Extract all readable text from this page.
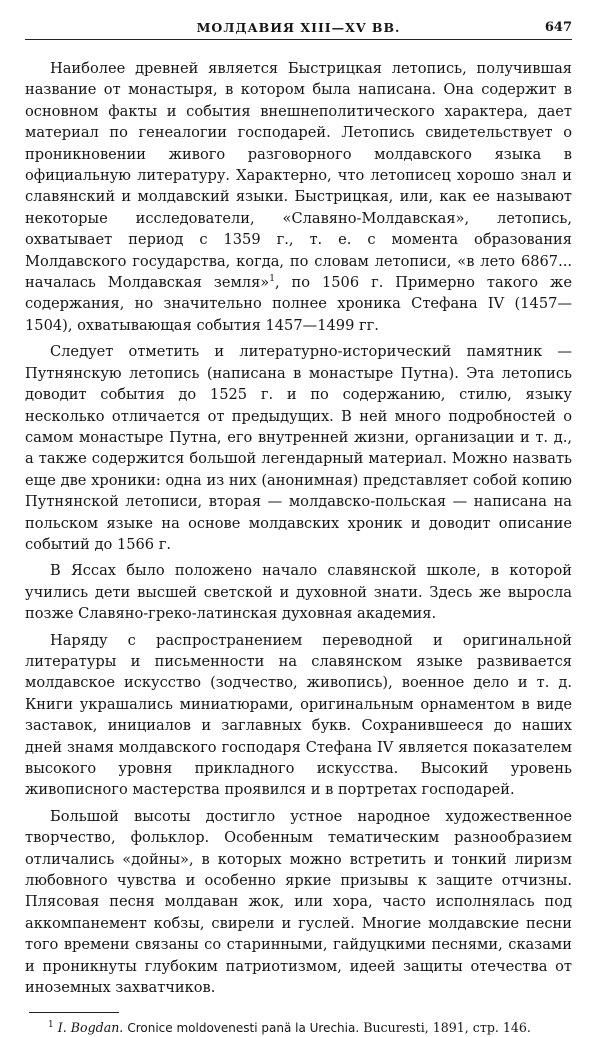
МОЛДАВИЯ XIII—XV ВВ.	647

Наиболее древней является Быстрицкая летопись, получившая название от монастыря, в котором была написана. Она содержит в основном факты и события внешнеполитического характера, дает материал по генеалогии господарей. Летопись свидетельствует о проникновении живого разговорного молдавского языка в официальную литературу. Характерно, что летописец хорошо знал и славянский и молдавский языки. Быстрицкая, или, как ее называют некоторые исследователи, «Славяно-Молдавская», летопись, охватывает период с 1359 г., т. е. с момента образования Молдавского государства, когда, по словам летописи, «в лето 6867... началась Молдавская земля»$^1$, по 1506 г. Примерно такого же содержания, но значительно полнее хроника Стефана IV (1457—1504), охватывающая события 1457—1499 гг.

Следует отметить и литературно-исторический памятник — Путнянскую летопись (написана в монастыре Путна). Эта летопись доводит события до 1525 г. и по содержанию, стилю, языку несколько отличается от предыдущих. В ней много подробностей о самом монастыре Путна, его внутренней жизни, организации и т. д., а также содержится большой легендарный материал. Можно назвать еще две хроники: одна из них (анонимная) представляет собой копию Путнянской летописи, вторая — молдавско-польская — написана на польском языке на основе молдавских хроник и доводит описание событий до 1566 г.

В Яссах было положено начало славянской школе, в которой учились дети высшей светской и духовной знати. Здесь же выросла позже Славяно-греко-латинская духовная академия.

Наряду с распространением переводной и оригинальной литературы и письменности на славянском языке развивается молдавское искусство (зодчество, живопись), военное дело и т. д. Книги украшались миниатюрами, оригинальным орнаментом в виде заставок, инициалов и заглавных букв. Сохранившееся до наших дней знамя молдавского господаря Стефана IV является показателем высокого уровня прикладного искусства. Высокий уровень живописного мастерства проявился и в портретах господарей.

Большой высоты достигло устное народное художественное творчество, фольклор. Особенным тематическим разнообразием отличались «дойны», в которых можно встретить и тонкий лиризм любовного чувства и особенно яркие призывы к защите отчизны. Плясовая песня молдаван жок, или хора, часто исполнялась под аккомпанемент кобзы, свирели и гуслей. Многие молдавские песни того времени связаны со старинными, гайдуцкими песнями, сказами и проникнуты глубоким патриотизмом, идеей защиты отечества от иноземных захватчиков.

$^1$ I. Bogdan. Cronice moldovenesti panä la Urechia. Bucuresti, 1891, стр. 146.
